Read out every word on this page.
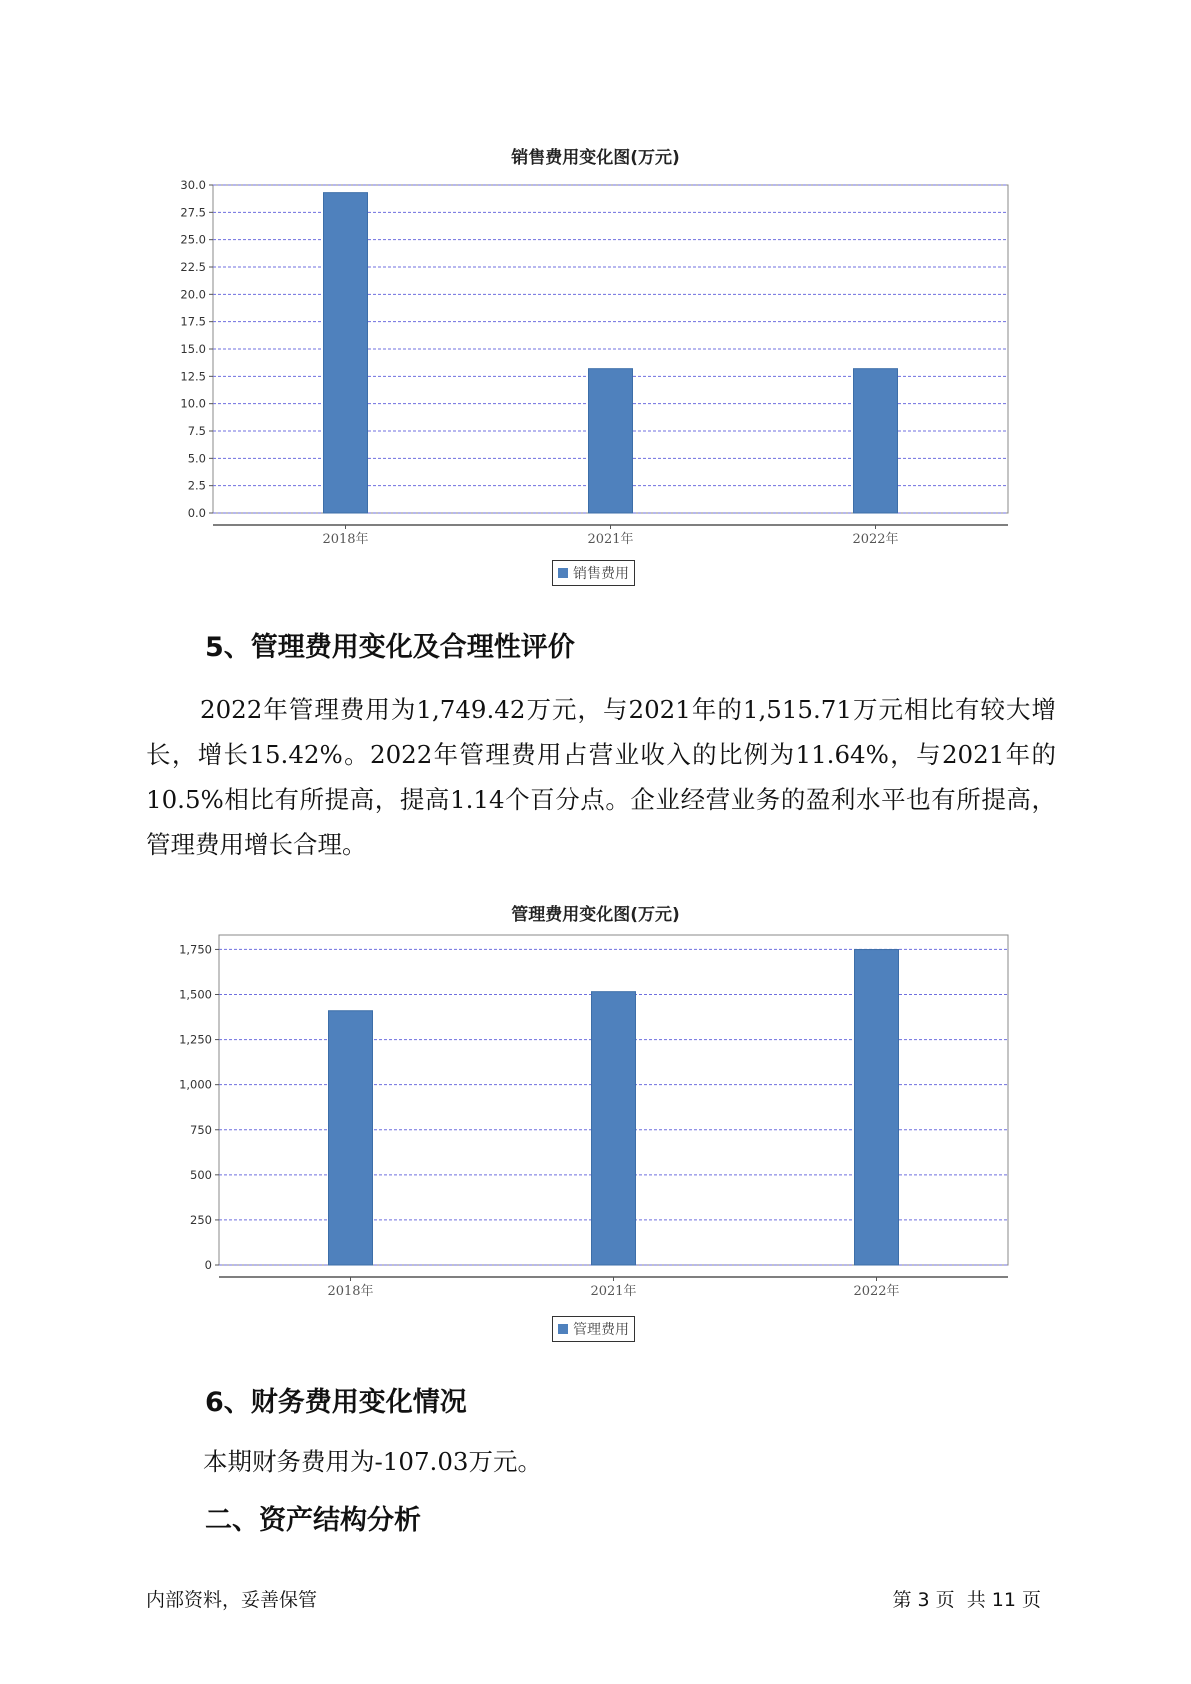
销售费用变化图(万元)
0.0
2.5
5.0
7.5
10.0
12.5
15.0
17.5
20.0
22.5
25.0
27.5
30.0
2018年	2021年	2022年
销售费用
5、管理费用变化及合理性评价
2022年管理费用为1,749.42万元，与2021年的1,515.71万元相比有较大增长，增长15.42%。2022年管理费用占营业收入的比例为11.64%，与2021年的10.5%相比有所提高，提高1.14个百分点。企业经营业务的盈利水平也有所提高，管理费用增长合理。
管理费用变化图(万元)
0
250
500
750
1,000
1,250
1,500
1,750
2018年	2021年	2022年
管理费用
6、财务费用变化情况
本期财务费用为-107.03万元。
二、资产结构分析
内部资料，妥善保管	第 3 页  共 11 页
